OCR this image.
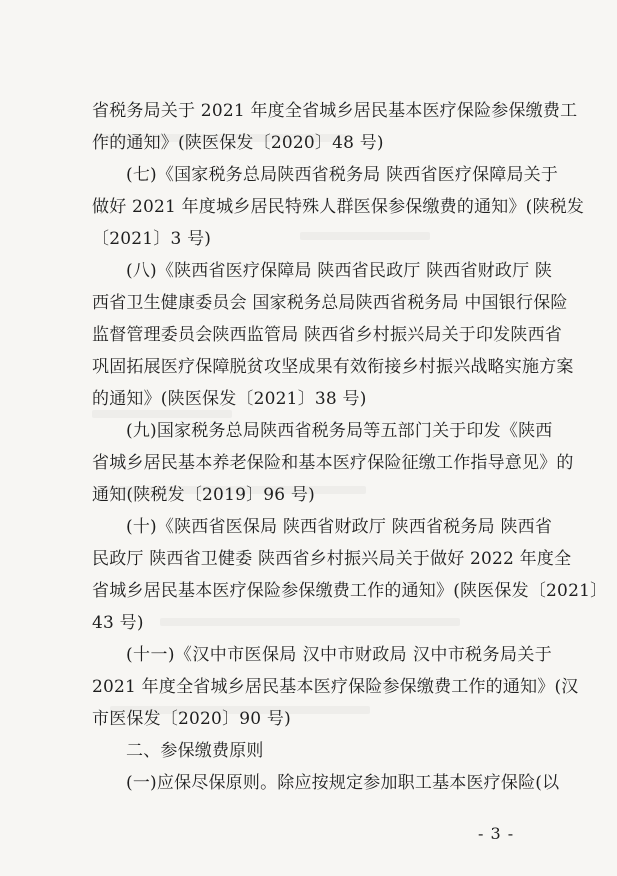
省税务局关于 2021 年度全省城乡居民基本医疗保险参保缴费工
作的通知》(陕医保发〔2020〕48 号)
(七)《国家税务总局陕西省税务局 陕西省医疗保障局关于
做好 2021 年度城乡居民特殊人群医保参保缴费的通知》(陕税发
〔2021〕3 号)
(八)《陕西省医疗保障局 陕西省民政厅 陕西省财政厅 陕
西省卫生健康委员会 国家税务总局陕西省税务局 中国银行保险
监督管理委员会陕西监管局 陕西省乡村振兴局关于印发陕西省
巩固拓展医疗保障脱贫攻坚成果有效衔接乡村振兴战略实施方案
的通知》(陕医保发〔2021〕38 号)
(九)国家税务总局陕西省税务局等五部门关于印发《陕西
省城乡居民基本养老保险和基本医疗保险征缴工作指导意见》的
通知(陕税发〔2019〕96 号)
(十)《陕西省医保局 陕西省财政厅 陕西省税务局 陕西省
民政厅 陕西省卫健委 陕西省乡村振兴局关于做好 2022 年度全
省城乡居民基本医疗保险参保缴费工作的通知》(陕医保发〔2021〕
43 号)
(十一)《汉中市医保局 汉中市财政局 汉中市税务局关于
2021 年度全省城乡居民基本医疗保险参保缴费工作的通知》(汉
市医保发〔2020〕90 号)
二、参保缴费原则
(一)应保尽保原则。除应按规定参加职工基本医疗保险(以
- 3 -
